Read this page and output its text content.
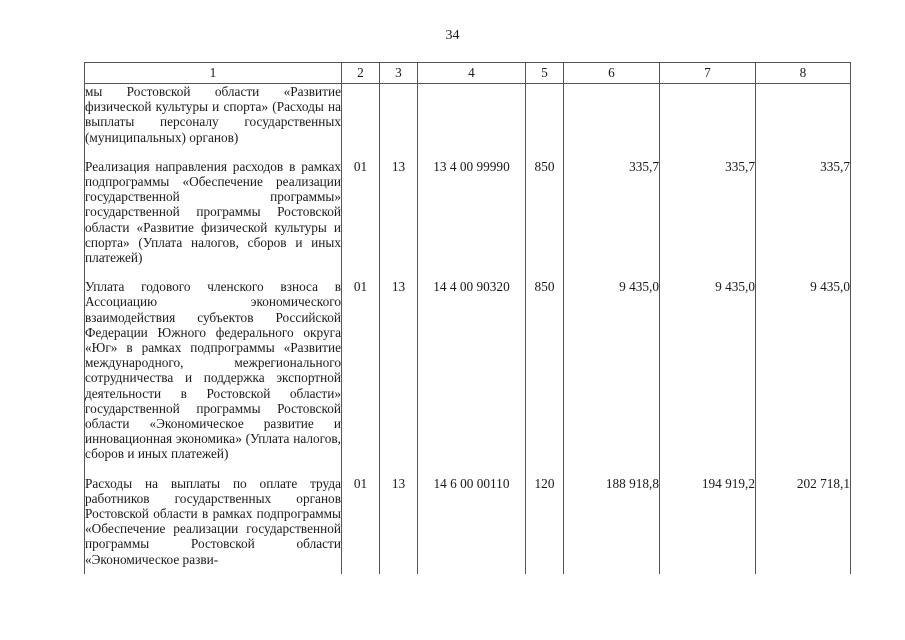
34
1	2	3	4	5	6	7	8
мы Ростовской области «Развитие физической культуры и спорта» (Расходы на выплаты персоналу государственных (муниципальных) органов)							

Реализация направления расходов в рамках подпрограммы «Обеспечение реализации государственной программы» государственной программы Ростовской области «Развитие физической культуры и спорта» (Уплата налогов, сборов и иных платежей)	01	13	13 4 00 99990	850	335,7	335,7	335,7

Уплата годового членского взноса в Ассоциацию экономического взаимодействия субъектов Российской Федерации Южного федерального округа «Юг» в рамках подпрограммы «Развитие международного, межрегионального сотрудничества и поддержка экспортной деятельности в Ростовской области» государственной программы Ростовской области «Экономическое развитие и инновационная экономика» (Уплата налогов, сборов и иных платежей)	01	13	14 4 00 90320	850	9 435,0	9 435,0	9 435,0

Расходы на выплаты по оплате труда работников государственных органов Ростовской области в рамках подпрограммы «Обеспечение реализации государственной программы Ростовской области «Экономическое разви-	01	13	14 6 00 00110	120	188 918,8	194 919,2	202 718,1
